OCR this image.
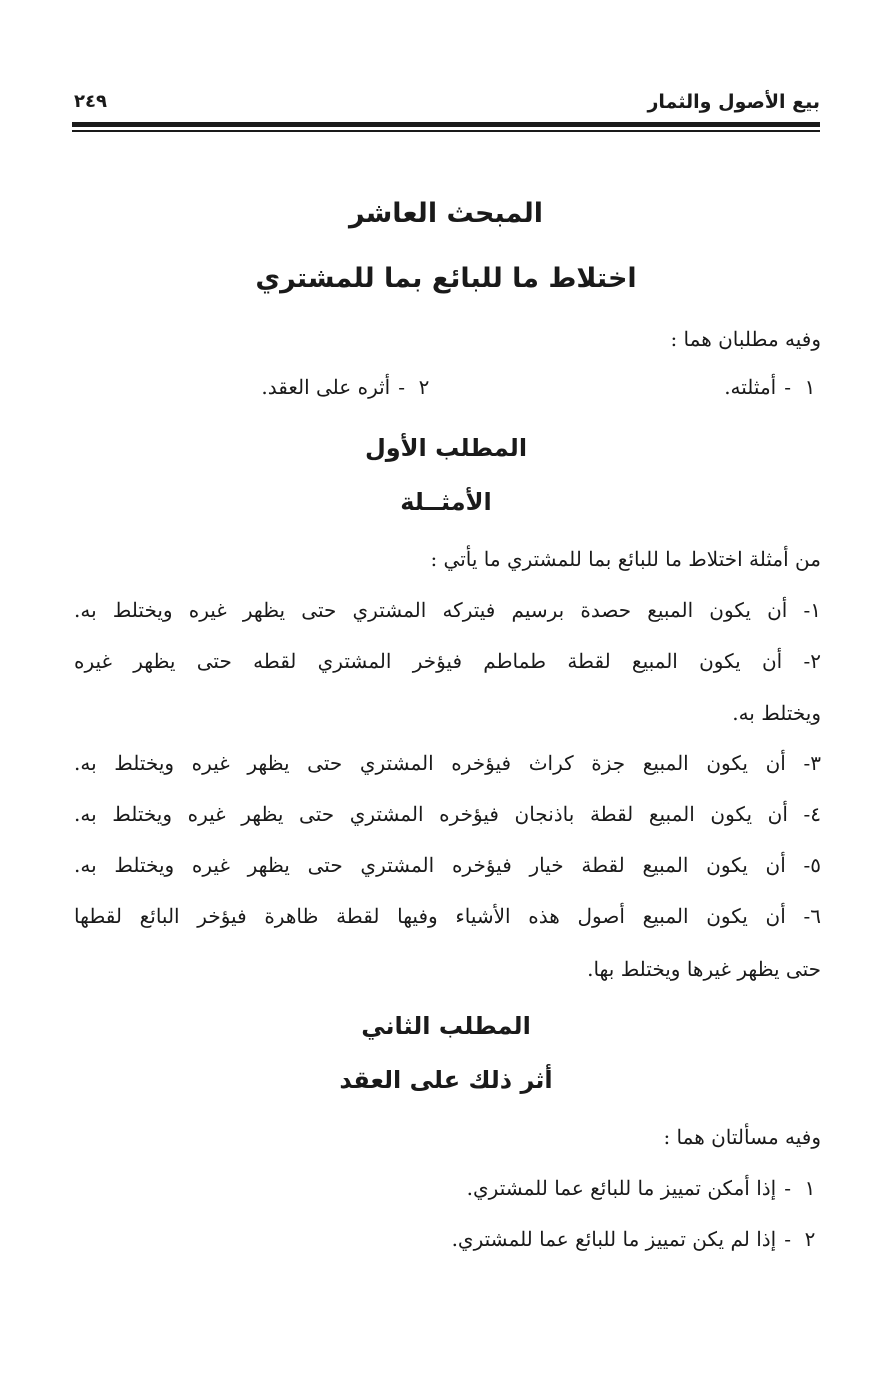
بيع الأصول والثمار
٢٤٩
المبحث العاشر
اختلاط ما للبائع بما للمشتري
وفيه مطلبان هما :
١-أمثلته.
٢-أثره على العقد.
المطلب الأول
الأمثــلة
من أمثلة اختلاط ما للبائع بما للمشتري ما يأتي :
١- أن يكون المبيع حصدة برسيم فيتركه المشتري حتى يظهر غيره ويختلط به.
٢- أن يكون المبيع لقطة طماطم فيؤخر المشتري لقطه حتى يظهر غيره
ويختلط به.
٣- أن يكون المبيع جزة كراث فيؤخره المشتري حتى يظهر غيره ويختلط به.
٤- أن يكون المبيع لقطة باذنجان فيؤخره المشتري حتى يظهر غيره ويختلط به.
٥- أن يكون المبيع لقطة خيار فيؤخره المشتري حتى يظهر غيره ويختلط به.
٦- أن يكون المبيع أصول هذه الأشياء وفيها لقطة ظاهرة فيؤخر البائع لقطها
حتى يظهر غيرها ويختلط بها.
المطلب الثاني
أثر ذلك على العقد
وفيه مسألتان هما :
١-إذا أمكن تمييز ما للبائع عما للمشتري.
٢-إذا لم يكن تمييز ما للبائع عما للمشتري.
